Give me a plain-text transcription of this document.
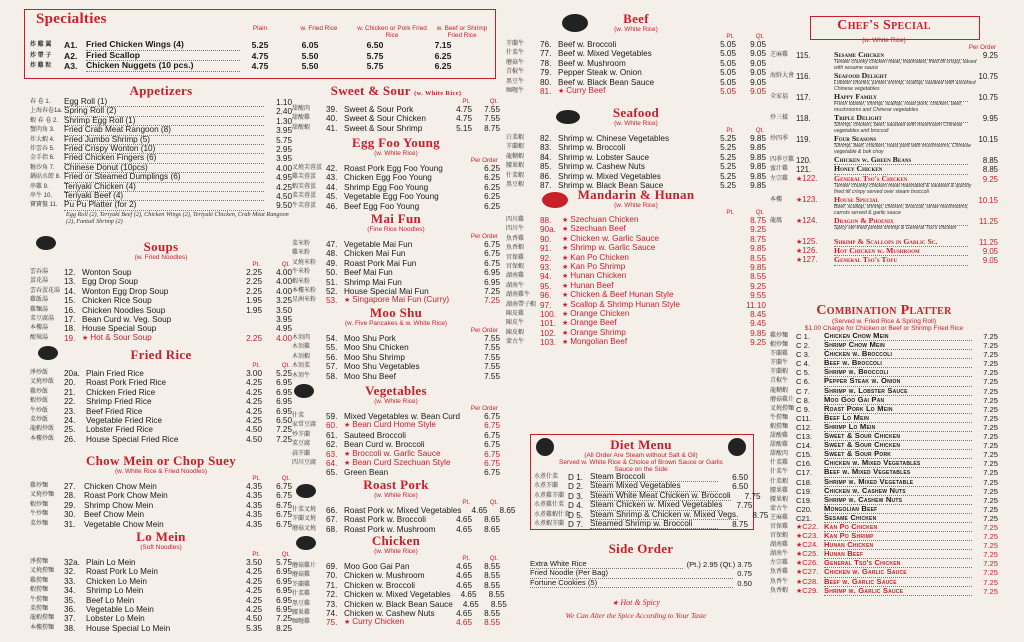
Specialties
Plain	w. Fried Rice	w. Chicken or Pork Fried Rice
w. Beef or Shrimp Fried Rice
炸 雞 翼	A1.	Fried Chicken Wings (4)	5.25	6.05	6.50	7.15
炸 帶 子	A2.	Fried Scallop	4.75	5.50	5.75	6.25
炸 雞 粒	A3.	Chicken Nuggets (10 pcs.)	4.75	5.50	5.75	6.25
Appetizers
春 卷 1.	Egg Roll (1)	1.10
上海春卷1a. Spring Roll (2)	2.40
蝦 春 卷 2. Shrimp Egg Roll (1)	1.30
蟹肉角 3.	Fried Crab Meat Rangoon (8)	3.95
炸大蝦 4.	Fried Jumbo Shrimp (5)	5.75
炸雲吞 5.	Fried Crispy Wonton (10)	2.95
金手指 6.	Fried Chicken Fingers (6)	3.95
糖沙角 7.	Chinese Donut (10pcs)	4.00
鍋貼水餃 8. Fried or Steamed Dumplings (6)	4.95
串雞 9.	Teriyaki Chicken (4)	4.25
串牛 10.	Teriyaki Beef (4)	4.50
寶寶盤 11. Pu Pu Platter (for 2)	9.50
Egg Roll (2), Teriyaki Beef (2), Chicken Wings (2), Teriyaki Chicken, Crab Meat Rangoon (2), Fantail Shrimp (2)
Soups
(w. Fried Noodles)
Pt.	Qt.
雲吞湯	12. Wonton Soup	2.25	4.00
蛋花湯	13. Egg Drop Soup	2.25	4.00
雲吞蛋花湯 14. Wonton Egg Drop Soup	2.25	4.00
雞飯湯	15. Chicken Rice Soup	1.95	3.25
雞麵湯	16. Chicken Noodles Soup	1.95	3.50
菜豆腐湯	17. Bean Curd w. Veg. Soup	3.95
本樓湯	18. House Special Soup	4.95
酸辣湯	19. ★ Hot & Sour Soup	2.25	4.00
Fried Rice
Pt.	Qt.
淨炒飯	20a. Plain Fried Rice	3.00	5.25
叉燒炒飯	20.	Roast Pork Fried Rice	4.25	6.95
雞炒飯	21.	Chicken Fried Rice	4.25	6.95
蝦炒飯	22.	Shrimp Fried Rice	4.25	6.95
牛炒飯	23.	Beef Fried Rice	4.25	6.95
菜炒飯	24.	Vegetable Fried Rice	4.25	6.50
龍蝦炒飯	25.	Lobster Fried Rice	4.50	7.25
本樓炒飯	26.	House Special Fried Rice	4.50	7.25
Chow Mein or Chop Suey
(w. White Rice & Fried Noodles)
Pt.	Qt.
雞炒麵	27.	Chicken Chow Mein	4.35	6.75
叉燒炒麵	28.	Roast Pork Chow Mein	4.35	6.75
蝦炒麵	29.	Shrimp Chow Mein	4.35	6.75
牛炒麵	30.	Beef Chow Mein	4.35	6.75
菜炒麵	31.	Vegetable Chow Mein	4.35	6.75
Lo Mein
(Soft Noodles)
Pt.	Qt.
淨撈麵	32a. Plain Lo Mein	3.50	5.75
叉燒撈麵	32.	Roast Pork Lo Mein	4.25	6.95
雞撈麵	33.	Chicken Lo Mein	4.25	6.95
蝦撈麵	34.	Shrimp Lo Mein	4.25	6.95
牛撈麵	35.	Beef Lo Mein	4.25	6.95
菜撈麵	36.	Vegetable Lo Mein	4.25	6.95
龍蝦撈麵	37.	Lobster Lo Mein	4.50	7.25
本樓撈麵	38.	House Special Lo Mein	5.35	8.25
Sweet & Sour (w. White Rice)
Pt.	Qt.
甜酸肉	39. Sweet & Sour Pork	4.75	7.55
甜酸雞	40. Sweet & Sour Chicken	4.75	7.55
甜酸蝦	41. Sweet & Sour Shrimp	5.15	8.75
Egg Foo Young
(w. White Rice)
Per Order
叉燒芙蓉蛋 42. Roast Pork Egg Foo Young	6.25
雞芙蓉蛋	43. Chicken Egg Foo Young	6.25
蝦芙蓉蛋	44. Shrimp Egg Foo Young	6.25
菜芙蓉蛋	45. Vegetable Egg Foo Young	6.25
牛芙蓉蛋	46. Beef Egg Foo Young	6.25
Mai Fun
(Fine Rice Noodles)
Per Order
菜米粉	47. Vegetable Mai Fun	6.75
雞米粉	48. Chicken Mai Fun	6.75
叉燒米粉	49. Roast Pork Mai Fun	6.75
牛米粉	50. Beef Mai Fun	6.95
蝦米粉	51. Shrimp Mai Fun	6.95
本樓米粉	52. House Special Mai Fun	7.25
星洲米粉	53. ★ Singapore Mai Fun (Curry)	7.25
Moo Shu
(w. Five Pancakes & w. White Rice)
Per Order
木須肉	54. Moo Shu Pork	7.55
木須雞	55. Moo Shu Chicken	7.55
木須蝦	56. Moo Shu Shrimp	7.55
木須菜	57. Moo Shu Vegetables	7.55
木須牛	58. Moo Shu Beef	7.55
Vegetables
(w. White Rice)
Per Order
什菜	59. Mixed Vegetables w. Bean Curd	6.75
家常豆腐	60. ★ Bean Curd Home Style	6.75
炒芥蘭	61. Sauteed Broccoli	6.75
菜豆腐	62. Bean Curd w. Broccoli	6.75
蒜芥蘭	63. ★ Broccoli w. Garlic Sauce	6.75
四川豆腐	64. ★ Bean Curd Szechuan Style	6.75
65. Green Bean	6.75
Roast Pork
(w. White Rice)
Pt.	Qt.
什菜叉燒	66. Roast Pork w. Mixed Vegetables	4.65	8.65
芥蘭叉燒	67. Roast Pork w. Broccoli	4.65	8.65
蘑菇叉燒	68. Roast Pork w. Mushroom	4.65	8.65
Chicken
(w. White Rice)
Pt.	Qt.
蘑菇雞片	69. Moo Goo Gai Pan	4.65	8.55
蘑菇雞	70. Chicken w. Mushroom	4.65	8.55
芥蘭雞	71. Chicken w. Broccoli	4.65	8.55
什菜雞	72. Chicken w. Mixed Vegetables	4.65	8.55
黑豆雞	73. Chicken w. Black Bean Sauce	4.65	8.55
腰果雞	74. Chicken w. Cashew Nuts	4.65	8.55
咖喱雞	75. ★ Curry Chicken	4.65	8.55
Beef
(w. White Rice)
Pt.	Qt.
芥蘭牛	76. Beef w. Broccoli	5.05	9.05
什菜牛	77. Beef w. Mixed Vegetables	5.05	9.05
蘑菇牛	78. Beef w. Mushroom	5.05	9.05
青椒牛	79. Pepper Steak w. Onion	5.05	9.05
黑豆牛	80. Beef w. Black Bean Sauce	5.05	9.05
咖喱牛	81. ★ Curry Beef	5.05	9.05
Seafood
(w. White Rice)
Pt.	Qt.
白菜蝦	82. Shrimp w. Chinese Vegetables	5.25	9.85
芥蘭蝦	83. Shrimp w. Broccoli	5.25	9.85
龍糊蝦	84. Shrimp w. Lobster Sauce	5.25	9.85
腰果蝦	85. Shrimp w. Cashew Nuts	5.25	9.85
什菜蝦	86. Shrimp w. Mixed Vegetables	5.25	9.85
黑豆蝦	87. Shrimp w. Black Bean Sauce	5.25	9.85
Mandarin & Hunan
(w. White Rice)
Pt.	Qt.
四川雞	88.	★ Szechuan Chicken	8.75
四川牛	90a. ★ Szechuan Beef	9.25
魚香雞	90.	★ Chicken w. Garlic Sauce	8.75
魚香蝦	91.	★ Shrimp w. Garlic Sauce	9.85
宮保雞	92.	★ Kan Po Chicken	8.55
宮保蝦	93.	★ Kan Po Shrimp	9.85
湖南雞	94.	★ Hunan Chicken	8.55
湖南牛	95.	★ Hunan Beef	9.25
湖南雞牛	96.	★ Chicken & Beef Hunan Style	9.55
湖南帶子蝦 97.	★ Scallop & Shrimp Hunan Style	11.10
陳皮雞	100. ★ Orange Chicken	8.45
陳皮牛	101. ★ Orange Beef	9.45
陳皮蝦	102. ★ Orange Shrimp	9.85
蒙古牛	103. ★ Mongolian Beef	9.25
Diet Menu
(All Order Are Steam without Salt & Oil)
Served w. White Rice & Choice of Brown Sauce or Garlic Sauce on the Side
水煮什菜	D 1. Steam Broccoli	6.50
水煮芥蘭	D 2. Steam Mixed Vegetables	6.50
水煮雞芥蘭 D 3. Steam White Meat Chicken w. Broccoli	7.75
水煮雞什菜 D 4. Steam Chicken w. Mixed Vegetables	7.75
水煮雞蝦什菜
D 5. Steam Shrimp & Chicken w. Mixed Vegs.	8.75
水煮蝦芥蘭 D 7. Steamed Shrimp w. Broccoli	8.75
Side Order
Extra White Rice	(Pt.) 2.95 (Qt.) 3.75
Fried Noodle (Per Bag)	0.75
Fortune Cookies (5)	0.50
★ Hot & Spicy
We Can Alter the Spice According to Your Taste
Chef's Special
(w. White Rice)
Per Order
芝麻雞	115.	Sesame Chicken	9.25
Tender chunky chicken meat, marinated, fried till crispy, saved with sesame sauce
海鮮大會 116.	Seafood Delight	10.75
Lobster chunks, jumbo shrimp, scallop, sauteed with assorted Chinese vegetables
全家福	117.	Happy Family	10.75
Fresh lobster, shrimp, scallop, roast pork, chicken, beef, mushrooms and Chinese vegetables
炒三樣	118.	Triple Delight	9.95
Shrimp, chicken, beef, sauteed with mushroom Chinese vegetables and broccoli
炒四季	119.	Four Seasons	10.15
Shrimp, beef, chicken, roast pork with mushrooms, Chinese vegetable & bok choy
四季豆雞 120.	Chicken w. Green Beans	8.85
蜜汁雞	121.	Honey Chicken	8.85
左宗雞	★122.	General Tso's Chicken	9.25
Tender chunky chicken meat marinated & sauteed & quickly fried till crispy served over steam broccoli
本樓	★123.	House Special	10.15
Beef, scallop, shrimp, chicken, broccoli, straw mushrooms, carrots served & garlic sauce
龍鳳	★124.	Dragon & Phoenix	11.25
Spicy stir-fried jumbo shrimp & General Tso's chicken
★125.	Shrimp & Scallops in Garlic Sc.	11.25
★126.	Hot Chicken w. Mushroom	9.05
★127.	General Tso's Tofu	9.05
Combination Platter
(Served w. Fried Rice & Spring Roll)
$1.00 Charge for Chicken or Beef or Shrimp Fried Rice
雞炒麵	C 1.	Chicken Chow Mein	7.25
蝦炒麵	C 2.	Shrimp Chow Mein	7.25
芥蘭雞	C 3.	Chicken w. Broccoli	7.25
芥蘭牛	C 4.	Beef w. Broccoli	7.25
芥蘭蝦	C 5.	Shrimp w. Broccoli	7.25
青椒牛	C 6.	Pepper Steak w. Onion	7.25
龍糊蝦	C 7.	Shrimp w. Lobster Sauce	7.25
蘑菇雞片 C 8.	Moo Goo Gai Pan	7.25
叉燒撈麵 C 9.	Roast Pork Lo Mein	7.25
牛撈麵	C11.	Beef Lo Mein	7.25
蝦撈麵	C12.	Shrimp Lo Mein	7.25
甜酸雞	C13.	Sweet & Sour Chicken	7.25
甜酸雞	C14.	Sweet & Sour Chicken	7.25
甜酸肉	C15.	Sweet & Sour Pork	7.25
什菜雞	C16.	Chicken w. Mixed Vegetables	7.25
什菜牛	C17.	Beef w. Mixed Vegetables	7.25
什菜蝦	C18.	Shrimp w. Mixed Vegetable	7.25
腰果雞	C19.	Chicken w. Cashew Nuts	7.25
腰果蝦	C19.	Shrimp w. Cashew Nuts	7.25
蒙古牛	C20.	Mongolian Beef	7.25
芝麻雞	C21.	Sesame Chicken	7.25
宮保雞	★C22. Kan Po Chicken	7.25
宮保蝦	★C23. Kan Po Shrimp	7.25
湖南雞	★C24. Hunan Chicken	7.25
湖南牛	★C25. Hunan Beef	7.25
左宗雞	★C26. General Tso's Chicken	7.25
魚香雞	★C27. Chicken w. Garlic Sauce	7.25
魚香牛	★C28. Beef w. Garlic Sauce	7.25
魚香蝦	★C29. Shrimp w. Garlic Sauce	7.25
